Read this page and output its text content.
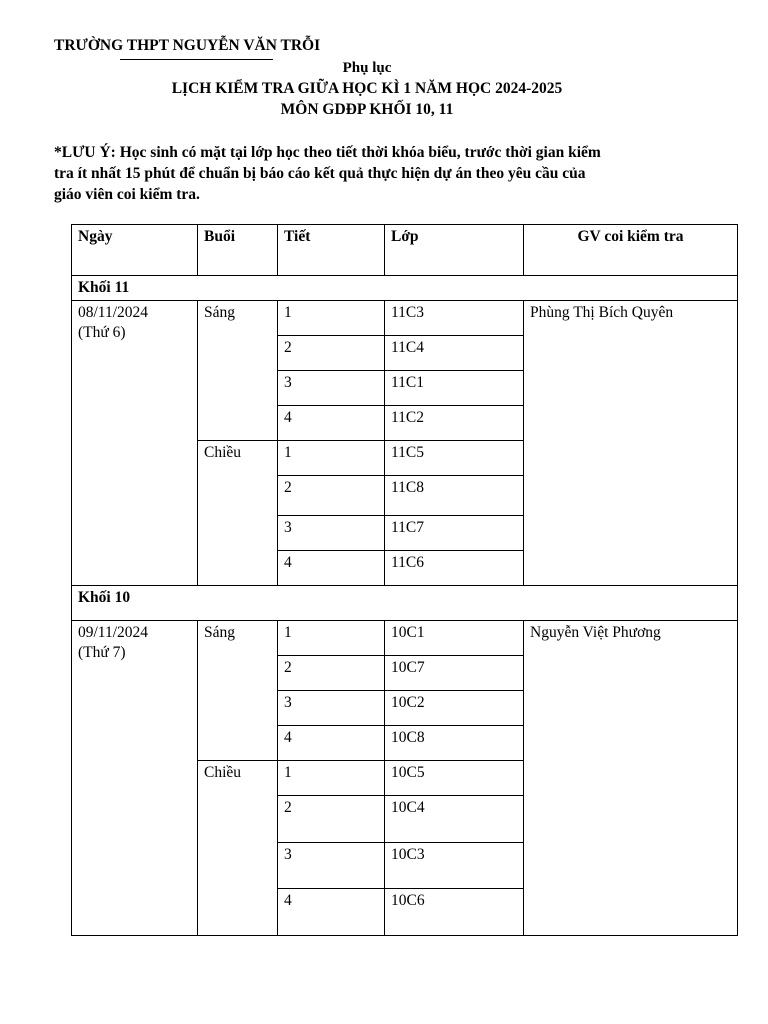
TRƯỜNG THPT NGUYỄN VĂN TRỖI
Phụ lục
LỊCH KIỂM TRA GIỮA HỌC KÌ 1 NĂM HỌC 2024-2025
MÔN GDĐP KHỐI 10, 11

*LƯU Ý: Học sinh có mặt tại lớp học theo tiết thời khóa biểu, trước thời gian kiểm

tra ít nhất 15 phút để chuẩn bị báo cáo kết quả thực hiện dự án theo yêu cầu của

giáo viên coi kiểm tra.

Ngày	Buổi	Tiết	Lớp	GV coi kiểm tra
Khối 11				

08/11/2024
(Thứ 6)	Sáng	1	11C3	Phùng Thị Bích Quyên
		2	11C4	
		3	11C1	
		4	11C2	
	Chiều	1	11C5	
		2	11C8	
		3	11C7	
		4	11C6	
Khối 10				

09/11/2024
(Thứ 7)	Sáng	1	10C1	Nguyễn Việt Phương
		2	10C7	
		3	10C2	
		4	10C8	
	Chiều	1	10C5	
		2	10C4	
		3	10C3	
		4	10C6	
